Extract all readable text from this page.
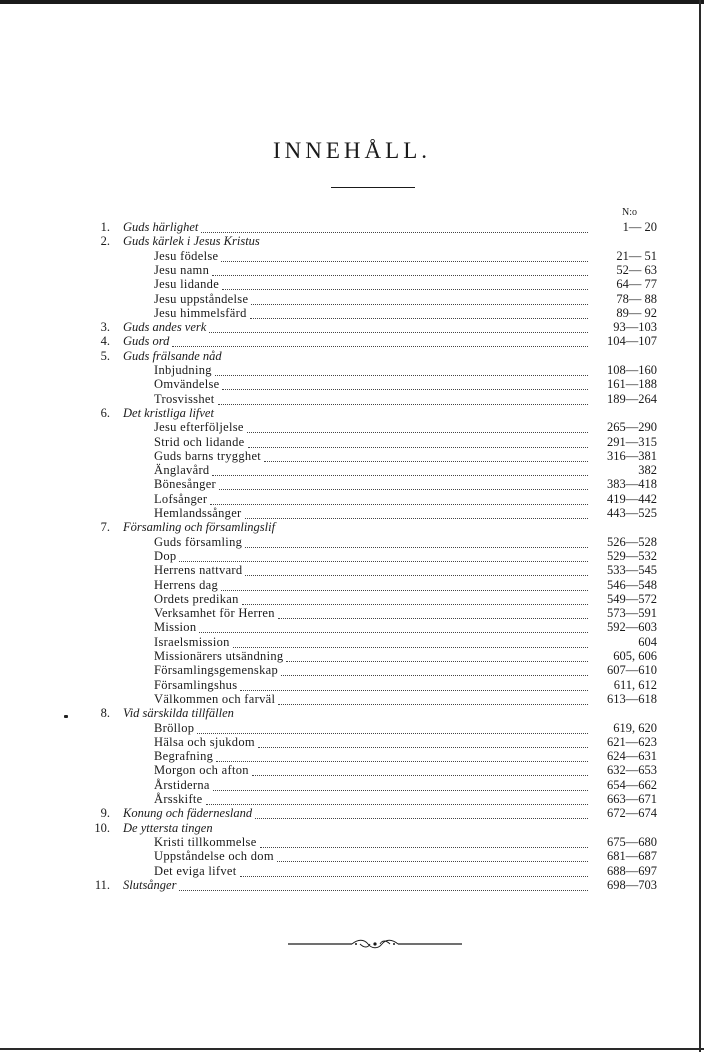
INNEHÅLL.
N:o
1. Guds härlighet	1— 20
2. Guds kärlek i Jesus Kristus
Jesu födelse	21— 51
Jesu namn	52— 63
Jesu lidande	64— 77
Jesu uppståndelse	78— 88
Jesu himmelsfärd	89— 92
3. Guds andes verk	93—103
4. Guds ord	104—107
5. Guds frälsande nåd
Inbjudning	108—160
Omvändelse	161—188
Trosvisshet	189—264
6. Det kristliga lifvet
Jesu efterföljelse	265—290
Strid och lidande	291—315
Guds barns trygghet	316—381
Änglavård	382
Bönesånger	383—418
Lofsånger	419—442
Hemlandssånger	443—525
7. Församling och församlingslif
Guds församling	526—528
Dop	529—532
Herrens nattvard	533—545
Herrens dag	546—548
Ordets predikan	549—572
Verksamhet för Herren	573—591
Mission	592—603
Israelsmission	604
Missionärers utsändning	605, 606
Församlingsgemenskap	607—610
Församlingshus	611, 612
Välkommen och farväl	613—618
8. Vid särskilda tillfällen
Bröllop	619, 620
Hälsa och sjukdom	621—623
Begrafning	624—631
Morgon och afton	632—653
Årstiderna	654—662
Årsskifte	663—671
9. Konung och fädernesland	672—674
10. De yttersta tingen
Kristi tillkommelse	675—680
Uppståndelse och dom	681—687
Det eviga lifvet	688—697
11. Slutsånger	698—703
